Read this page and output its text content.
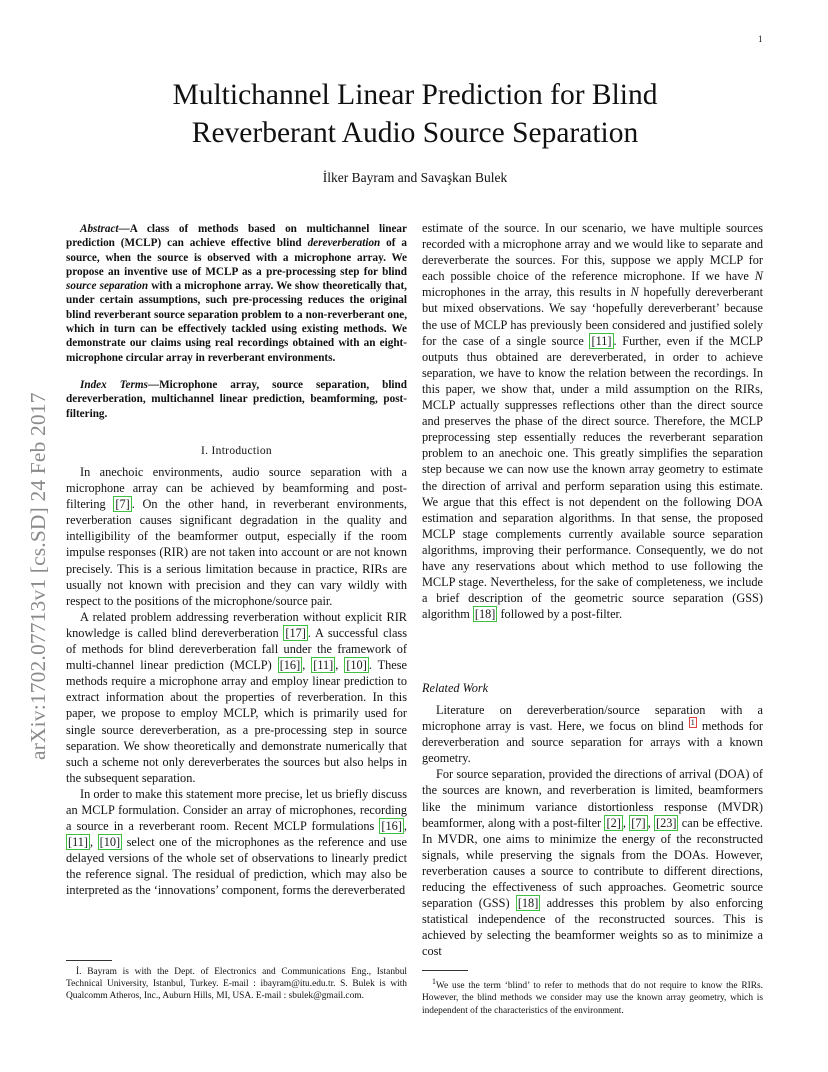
1
arXiv:1702.07713v1 [cs.SD] 24 Feb 2017
Multichannel Linear Prediction for Blind
Reverberant Audio Source Separation
İlker Bayram and Savaşkan Bulek

Abstract—A class of methods based on multichannel linear prediction (MCLP) can achieve effective blind dereverberation of a source, when the source is observed with a microphone array. We propose an inventive use of MCLP as a pre-processing step for blind source separation with a microphone array. We show theoretically that, under certain assumptions, such pre-processing reduces the original blind reverberant source separation problem to a non-reverberant one, which in turn can be effectively tackled using existing methods. We demonstrate our claims using real recordings obtained with an eight-microphone circular array in reverberant environments.

Index Terms—Microphone array, source separation, blind dereverberation, multichannel linear prediction, beamforming, post-filtering.

I. Introduction

In anechoic environments, audio source separation with a microphone array can be achieved by beamforming and post-filtering [7] . On the other hand, in reverberant environments, reverberation causes significant degradation in the quality and intelligibility of the beamformer output, especially if the room impulse responses (RIR) are not taken into account or are not known precisely. This is a serious limitation because in practice, RIRs are usually not known with precision and they can vary wildly with respect to the positions of the microphone/source pair.

A related problem addressing reverberation without explicit RIR knowledge is called blind dereverberation [17] . A successful class of methods for blind dereverberation fall under the framework of multi-channel linear prediction (MCLP) [16] , [11] , [10] . These methods require a microphone array and employ linear prediction to extract information about the properties of reverberation. In this paper, we propose to employ MCLP, which is primarily used for single source dereverberation, as a pre-processing step in source separation. We show theoretically and demonstrate numerically that such a scheme not only dereverberates the sources but also helps in the subsequent separation.

In order to make this statement more precise, let us briefly discuss an MCLP formulation. Consider an array of microphones, recording a source in a reverberant room. Recent MCLP formulations [16] , [11] , [10] select one of the microphones as the reference and use delayed versions of the whole set of observations to linearly predict the reference signal. The residual of prediction, which may also be interpreted as the ‘innovations’ component, forms the dereverberated

estimate of the source. In our scenario, we have multiple sources recorded with a microphone array and we would like to separate and dereverberate the sources. For this, suppose we apply MCLP for each possible choice of the reference microphone. If we have N microphones in the array, this results in N hopefully dereverberant but mixed observations. We say ‘hopefully dereverberant’ because the use of MCLP has previously been considered and justified solely for the case of a single source [11] . Further, even if the MCLP outputs thus obtained are dereverberated, in order to achieve separation, we have to know the relation between the recordings. In this paper, we show that, under a mild assumption on the RIRs, MCLP actually suppresses reflections other than the direct source and preserves the phase of the direct source. Therefore, the MCLP preprocessing step essentially reduces the reverberant separation problem to an anechoic one. This greatly simplifies the separation step because we can now use the known array geometry to estimate the direction of arrival and perform separation using this estimate. We argue that this effect is not dependent on the following DOA estimation and separation algorithms. In that sense, the proposed MCLP stage complements currently available source separation algorithms, improving their performance. Consequently, we do not have any reservations about which method to use following the MCLP stage. Nevertheless, for the sake of completeness, we include a brief description of the geometric source separation (GSS) algorithm [18] followed by a post-filter.

Related Work

Literature on dereverberation/source separation with a microphone array is vast. Here, we focus on blind $^1$ methods for dereverberation and source separation for arrays with a known geometry.

For source separation, provided the directions of arrival (DOA) of the sources are known, and reverberation is limited, beamformers like the minimum variance distortionless response (MVDR) beamformer, along with a post-filter [2] , [7] , [23] can be effective. In MVDR, one aims to minimize the energy of the reconstructed signals, while preserving the signals from the DOAs. However, reverberation causes a source to contribute to different directions, reducing the effectiveness of such approaches. Geometric source separation (GSS) [18] addresses this problem by also enforcing statistical independence of the reconstructed sources. This is achieved by selecting the beamformer weights so as to minimize a cost

İ. Bayram is with the Dept. of Electronics and Communications Eng., Istanbul Technical University, Istanbul, Turkey. E-mail : ibayram@itu.edu.tr. S. Bulek is with Qualcomm Atheros, Inc., Auburn Hills, MI, USA. E-mail : sbulek@gmail.com.

$^1$We use the term ‘blind’ to refer to methods that do not require to know the RIRs. However, the blind methods we consider may use the known array geometry, which is independent of the characteristics of the environment.
